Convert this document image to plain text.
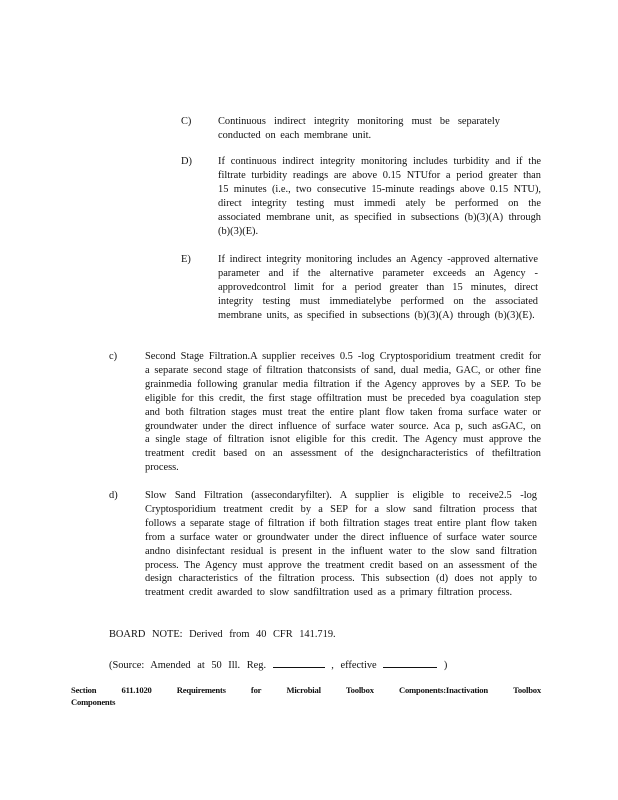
C)	Continuous indirect integrity monitoring must be separately conducted on each membrane unit.
D)	If continuous indirect integrity monitoring includes turbidity and if the filtrate turbidity readings are above 0.15 NTUfor a period greater than 15 minutes (i.e., two consecutive 15-minute readings above 0.15 NTU), direct integrity testing must immedi ately be performed on the associated membrane unit, as specified in subsections (b)(3)(A) through (b)(3)(E).
E)	If indirect integrity monitoring includes an Agency -approved alternative parameter and if the alternative parameter exceeds an Agency -approvedcontrol limit for a period greater than 15 minutes, direct integrity testing must immediatelybe performed on the associated membrane units, as specified in subsections (b)(3)(A) through (b)(3)(E).
c)	Second Stage Filtration.A supplier receives 0.5 -log Cryptosporidium treatment credit for a separate second stage of filtration thatconsists of sand, dual media, GAC, or other fine grainmedia following granular media filtration if the Agency approves by a SEP. To be eligible for this credit, the first stage offiltration must be preceded bya coagulation step and both filtration stages must treat the entire plant flow taken froma surface water or groundwater under the direct influence of surface water source. Aca p, such asGAC, on a single stage of filtration isnot eligible for this credit. The Agency must approve the treatment credit based on an assessment of the designcharacteristics of thefiltration process.
d)	Slow Sand Filtration (assecondaryfilter). A supplier is eligible to receive2.5 -log Cryptosporidium treatment credit by a SEP for a slow sand filtration process that follows a separate stage of filtration if both filtration stages treat entire plant flow taken from a surface water or groundwater under the direct influence of surface water source andno disinfectant residual is present in the influent water to the slow sand filtration process. The Agency must approve the treatment credit based on an assessment of the design characteristics of the filtration process. This subsection (d) does not apply to treatment credit awarded to slow sandfiltration used as a primary filtration process.
BOARD NOTE: Derived from 40 CFR 141.719.
(Source: Amended at 50 Ill. Reg.	, effective	)
Section	611.1020	Requirements	for	Microbial	Toolbox	Components:Inactivation	Toolbox
Components
